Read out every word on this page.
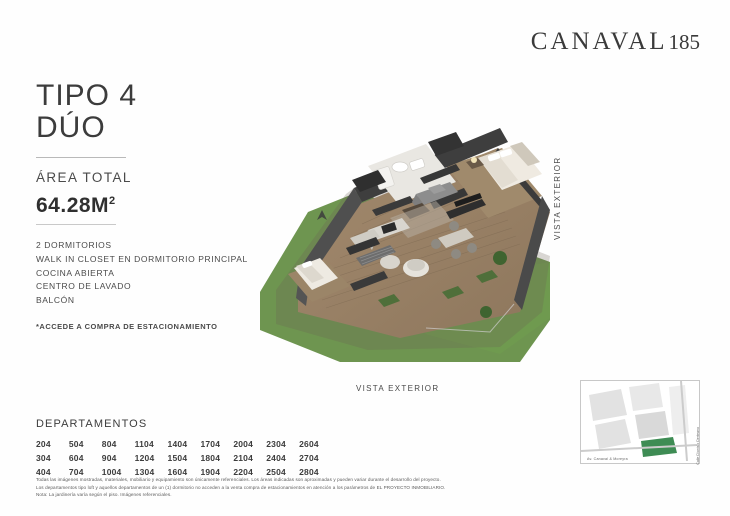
CANAVAL 185
TIPO 4
DÚO
ÁREA TOTAL
$64.28M^2$
2 DORMITORIOS
WALK IN CLOSET EN DORMITORIO PRINCIPAL
COCINA ABIERTA
CENTRO DE LAVADO
BALCÓN
*ACCEDE A COMPRA DE ESTACIONAMIENTO
VISTA EXTERIOR
VISTA EXTERIOR
Av. Canaval & Moreyra	Calle Dionisio Derteano
DEPARTAMENTOS
204	504	804	1104	1404	1704	2004	2304	2604
304	604	904	1204	1504	1804	2104	2404	2704
404	704	1004	1304	1604	1904	2204	2504	2804
Todas las imágenes mostradas, materiales, mobiliario y equipamiento son únicamente referenciales. Los áreas indicadas son aproximadas y pueden variar durante el desarrollo del proyecto.
Los departamentos tipo loft y aquellos departamentos de un (1) dormitorio no acceden a la venta compra de estacionamientos en atención a los parámetros de EL PROYECTO INMOBILIARIO.
Nota: La jardinería varía según el piso. Imágenes referenciales.
